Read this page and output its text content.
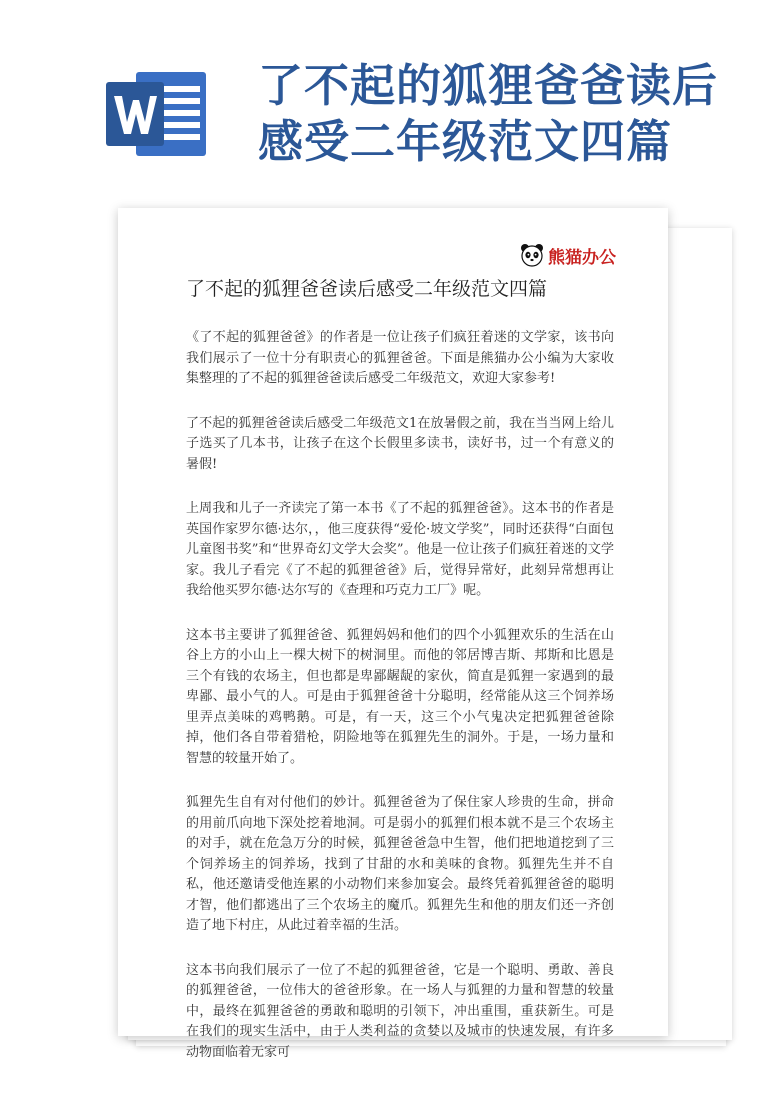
了不起的狐狸爸爸读后
感受二年级范文四篇
熊猫办公
了不起的狐狸爸爸读后感受二年级范文四篇

《了不起的狐狸爸爸》的作者是一位让孩子们疯狂着迷的文学家，该书向我们展示了一位十分有职责心的狐狸爸爸。下面是熊猫办公小编为大家收集整理的了不起的狐狸爸爸读后感受二年级范文，欢迎大家参考!

了不起的狐狸爸爸读后感受二年级范文1在放暑假之前，我在当当网上给儿子选买了几本书，让孩子在这个长假里多读书，读好书，过一个有意义的暑假!

上周我和儿子一齐读完了第一本书《了不起的狐狸爸爸》。这本书的作者是英国作家罗尔德·达尔，，他三度获得“爱伦·坡文学奖”，同时还获得“白面包儿童图书奖”和“世界奇幻文学大会奖”。他是一位让孩子们疯狂着迷的文学家。我儿子看完《了不起的狐狸爸爸》后，觉得异常好，此刻异常想再让我给他买罗尔德·达尔写的《查理和巧克力工厂》呢。

这本书主要讲了狐狸爸爸、狐狸妈妈和他们的四个小狐狸欢乐的生活在山谷上方的小山上一棵大树下的树洞里。而他的邻居博吉斯、邦斯和比恩是三个有钱的农场主，但也都是卑鄙龌龊的家伙，简直是狐狸一家遇到的最卑鄙、最小气的人。可是由于狐狸爸爸十分聪明，经常能从这三个饲养场里弄点美味的鸡鸭鹅。可是，有一天，这三个小气鬼决定把狐狸爸爸除掉，他们各自带着猎枪，阴险地等在狐狸先生的洞外。于是，一场力量和智慧的较量开始了。

狐狸先生自有对付他们的妙计。狐狸爸爸为了保住家人珍贵的生命，拼命的用前爪向地下深处挖着地洞。可是弱小的狐狸们根本就不是三个农场主的对手，就在危急万分的时候，狐狸爸爸急中生智，他们把地道挖到了三个饲养场主的饲养场，找到了甘甜的水和美味的食物。狐狸先生并不自私，他还邀请受他连累的小动物们来参加宴会。最终凭着狐狸爸爸的聪明才智，他们都逃出了三个农场主的魔爪。狐狸先生和他的朋友们还一齐创造了地下村庄，从此过着幸福的生活。

这本书向我们展示了一位了不起的狐狸爸爸，它是一个聪明、勇敢、善良的狐狸爸爸，一位伟大的爸爸形象。在一场人与狐狸的力量和智慧的较量中，最终在狐狸爸爸的勇敢和聪明的引领下，冲出重围，重获新生。可是在我们的现实生活中，由于人类利益的贪婪以及城市的快速发展，有许多动物面临着无家可
